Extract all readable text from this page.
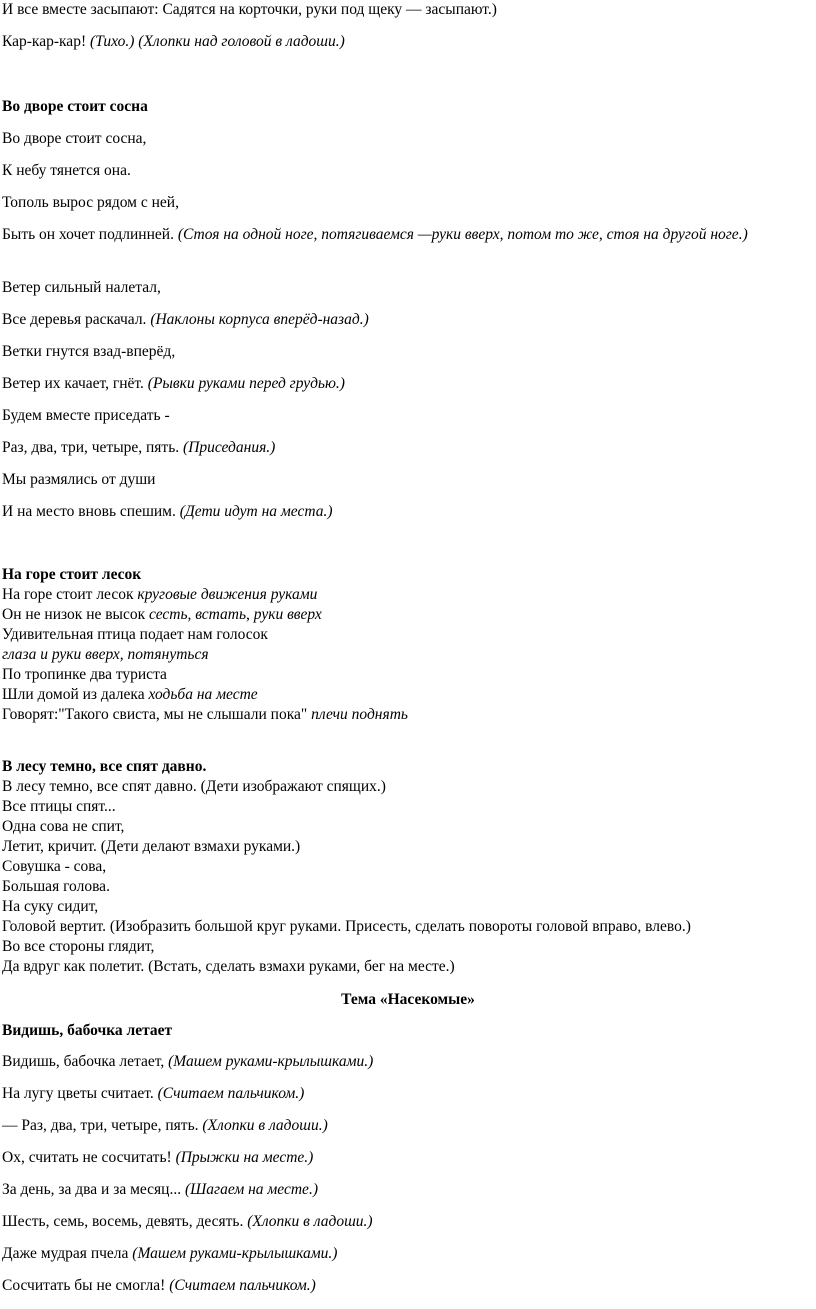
И все вместе засыпают: Садятся на корточки, руки под щеку — засыпают.)
Кар-кар-кар! (Тихо.) (Хлопки над головой в ладоши.)
Во дворе стоит сосна
Во дворе стоит сосна,
К небу тянется она.
Тополь вырос рядом с ней,
Быть он хочет подлинней. (Стоя на одной ноге, потягиваемся —руки вверх, потом то же, стоя на другой ноге.)
Ветер сильный налетал,
Все деревья раскачал. (Наклоны корпуса вперёд-назад.)
Ветки гнутся взад-вперёд,
Ветер их качает, гнёт. (Рывки руками перед грудью.)
Будем вместе приседать -
Раз, два, три, четыре, пять. (Приседания.)
Мы размялись от души
И на место вновь спешим. (Дети идут на места.)
На горе стоит лесок
На горе стоит лесок круговые движения руками
Он не низок не высок сесть, встать, руки вверх
Удивительная птица подает нам голосок
глаза и руки вверх, потянуться
По тропинке два туриста
Шли домой из далека ходьба на месте
Говорят:"Такого свиста, мы не слышали пока" плечи поднять
В лесу темно, все спят давно.
В лесу темно, все спят давно. (Дети изображают спящих.)
Все птицы спят...
Одна сова не спит,
Летит, кричит. (Дети делают взмахи руками.)
Совушка - сова,
Большая голова.
На суку сидит,
Головой вертит. (Изобразить большой круг руками. Присесть, сделать повороты головой вправо, влево.)
Во все стороны глядит,
Да вдруг как полетит. (Встать, сделать взмахи руками, бег на месте.)
Тема «Насекомые»
Видишь, бабочка летает
Видишь, бабочка летает, (Машем руками-крылышками.)
На лугу цветы считает. (Считаем пальчиком.)
— Раз, два, три, четыре, пять. (Хлопки в ладоши.)
Ох, считать не сосчитать! (Прыжки на месте.)
За день, за два и за месяц... (Шагаем на месте.)
Шесть, семь, восемь, девять, десять. (Хлопки в ладоши.)
Даже мудрая пчела (Машем руками-крылышками.)
Сосчитать бы не смогла! (Считаем пальчиком.)
